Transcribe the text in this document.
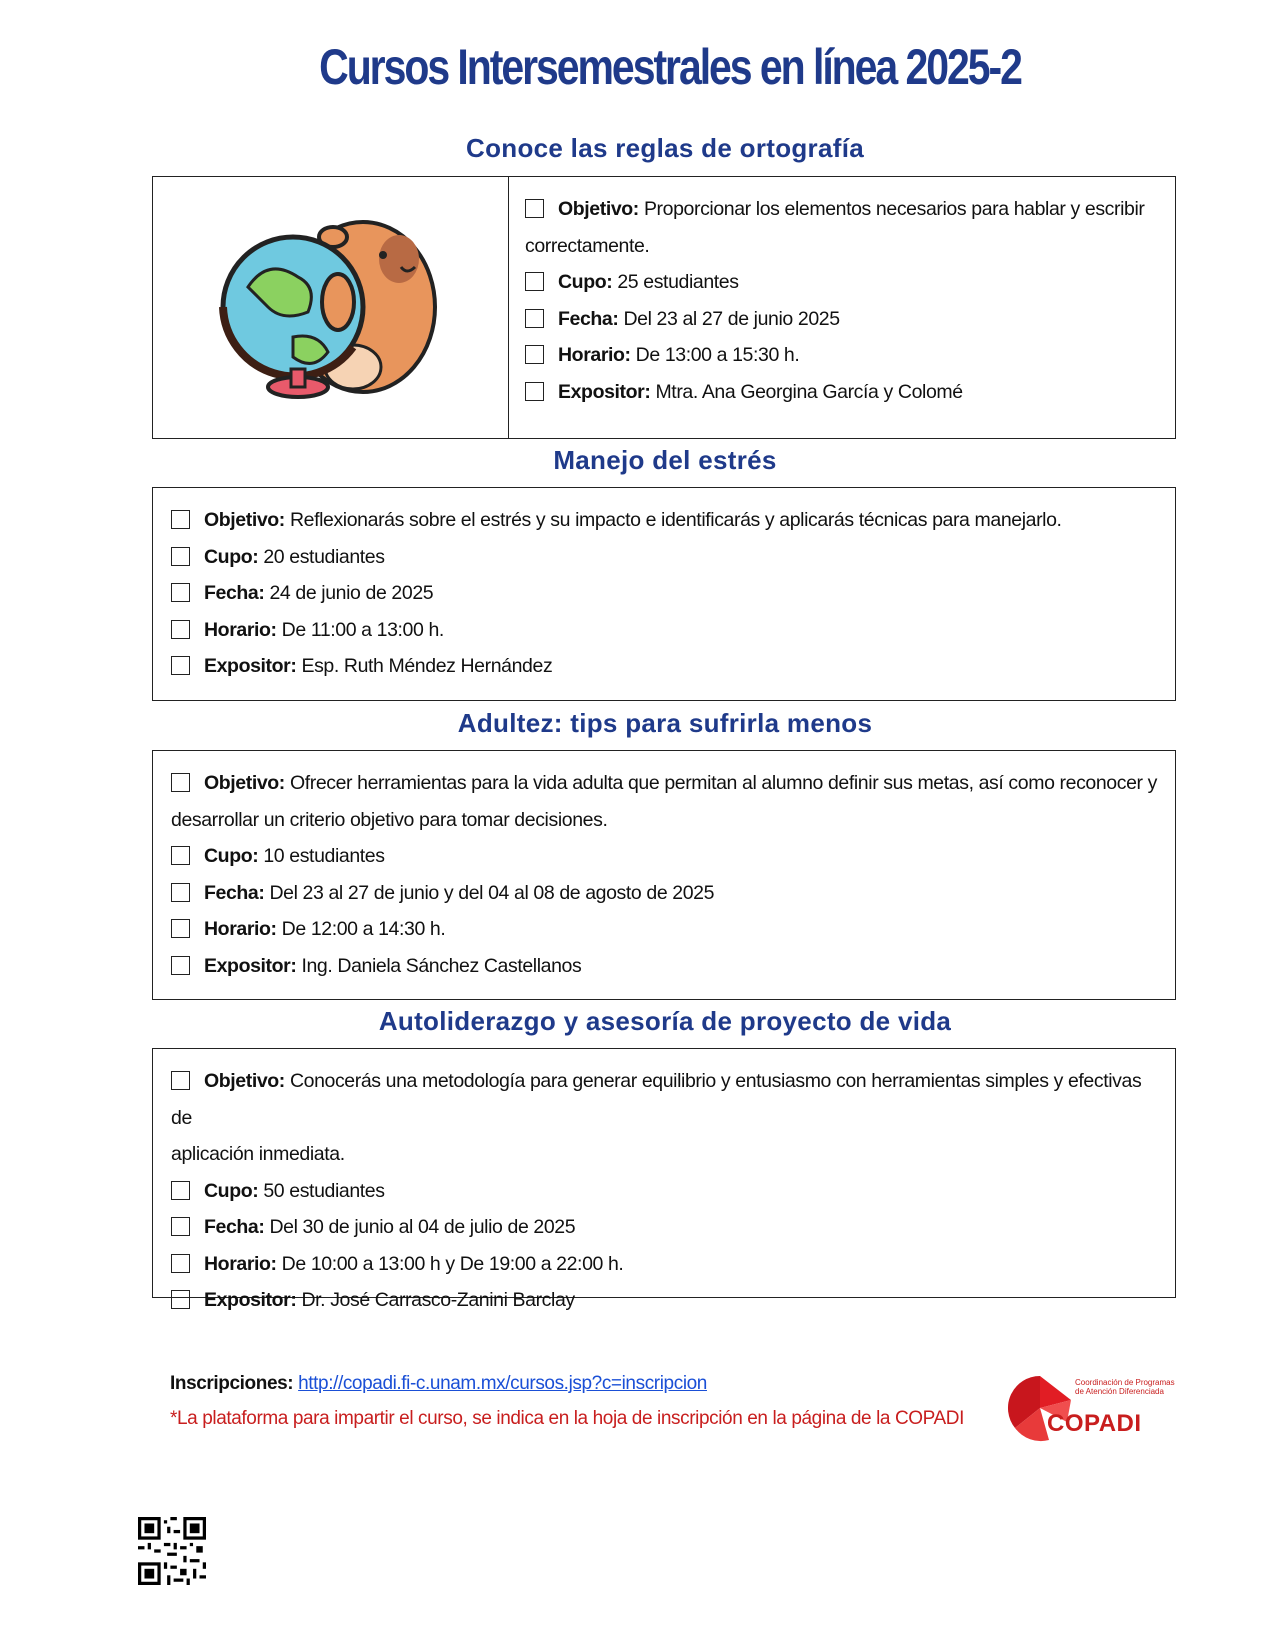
Cursos Intersemestrales en línea 2025-2
Conoce las reglas de ortografía
Objetivo: Proporcionar los elementos necesarios para hablar y escribir
correctamente.
Cupo: 25 estudiantes
Fecha: Del 23 al 27 de junio 2025
Horario: De 13:00 a 15:30 h.
Expositor: Mtra. Ana Georgina García y Colomé
Manejo del estrés
Objetivo: Reflexionarás sobre el estrés y su impacto e identificarás y aplicarás técnicas para manejarlo.
Cupo: 20 estudiantes
Fecha: 24 de junio de 2025
Horario: De 11:00 a 13:00 h.
Expositor: Esp. Ruth Méndez Hernández
Adultez: tips para sufrirla menos
Objetivo: Ofrecer herramientas para la vida adulta que permitan al alumno definir sus metas, así como reconocer y
desarrollar un criterio objetivo para tomar decisiones.
Cupo: 10 estudiantes
Fecha: Del 23 al 27 de junio y del 04 al 08 de agosto de 2025
Horario: De 12:00 a 14:30 h.
Expositor: Ing. Daniela Sánchez Castellanos
Autoliderazgo y asesoría de proyecto de vida
Objetivo: Conocerás una metodología para generar equilibrio y entusiasmo con herramientas simples y efectivas de
aplicación inmediata.
Cupo: 50 estudiantes
Fecha: Del 30 de junio al 04 de julio de 2025
Horario: De 10:00 a 13:00 h y De 19:00 a 22:00 h.
Expositor: Dr. José Carrasco-Zanini Barclay
Inscripciones: http://copadi.fi-c.unam.mx/cursos.jsp?c=inscripcion
*La plataforma para impartir el curso, se indica en la hoja de inscripción en la página de la COPADI
Coordinación de Programas de Atención Diferenciada
COPADI
